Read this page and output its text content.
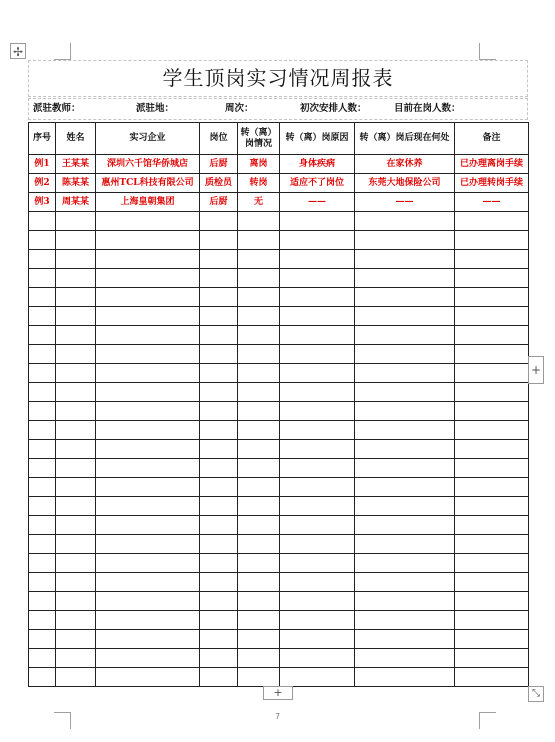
✢
学生顶岗实习情况周报表
派驻教师：	派驻地：	周次：	初次安排人数：	目前在岗人数：
序号	姓名	实习企业	岗位	转（离）岗情况	转（离）岗原因	转（离）岗后现在何处	备注
例1	王某某	深圳六千馆华侨城店	后厨	离岗	身体疾病	在家休养	已办理离岗手续
例2	陈某某	惠州TCL科技有限公司	质检员	转岗	适应不了岗位	东莞大地保险公司	已办理转岗手续
例3	周某某	上海皇朝集团	后厨	无	——	——	——

+
+	⤡
7
